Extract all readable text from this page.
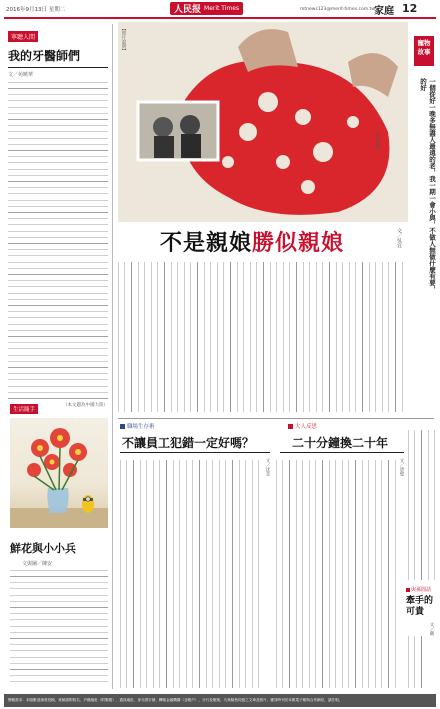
2016年9月13日 星期二	人民报 Merit Times	mtnews123@merit-times.com.tw 家庭 12
寧聽人間
我的牙醫師們
文／苑曉華
（本文題為中國大陸）
生活隨手
鮮花與小小兵
文與圖／陳安
作者提供
【照片說明】	寵物
故事
一個從好一晚多無盡人最遠的老，我一期一會小與，不做人無做什麼有要，的好
不是親娘勝似親娘	文／吳宜
職場生存術
不讓員工犯錯一定好嗎？
文／沈念
大人反思
二十分鐘換二十年
文／唐璧
與孫閒話
牽手的可貴
文／戴
閱報需求：本版歡迎讀者投稿，來稿請附姓名、戶籍地址（附郵遞）、通訊地址、身分證字號、轉帳金融機構（含帳戶），分行及帳號，凡來稿皆同意之文章及照片，應同時刊於本報電子報與合作網站，請註明。
